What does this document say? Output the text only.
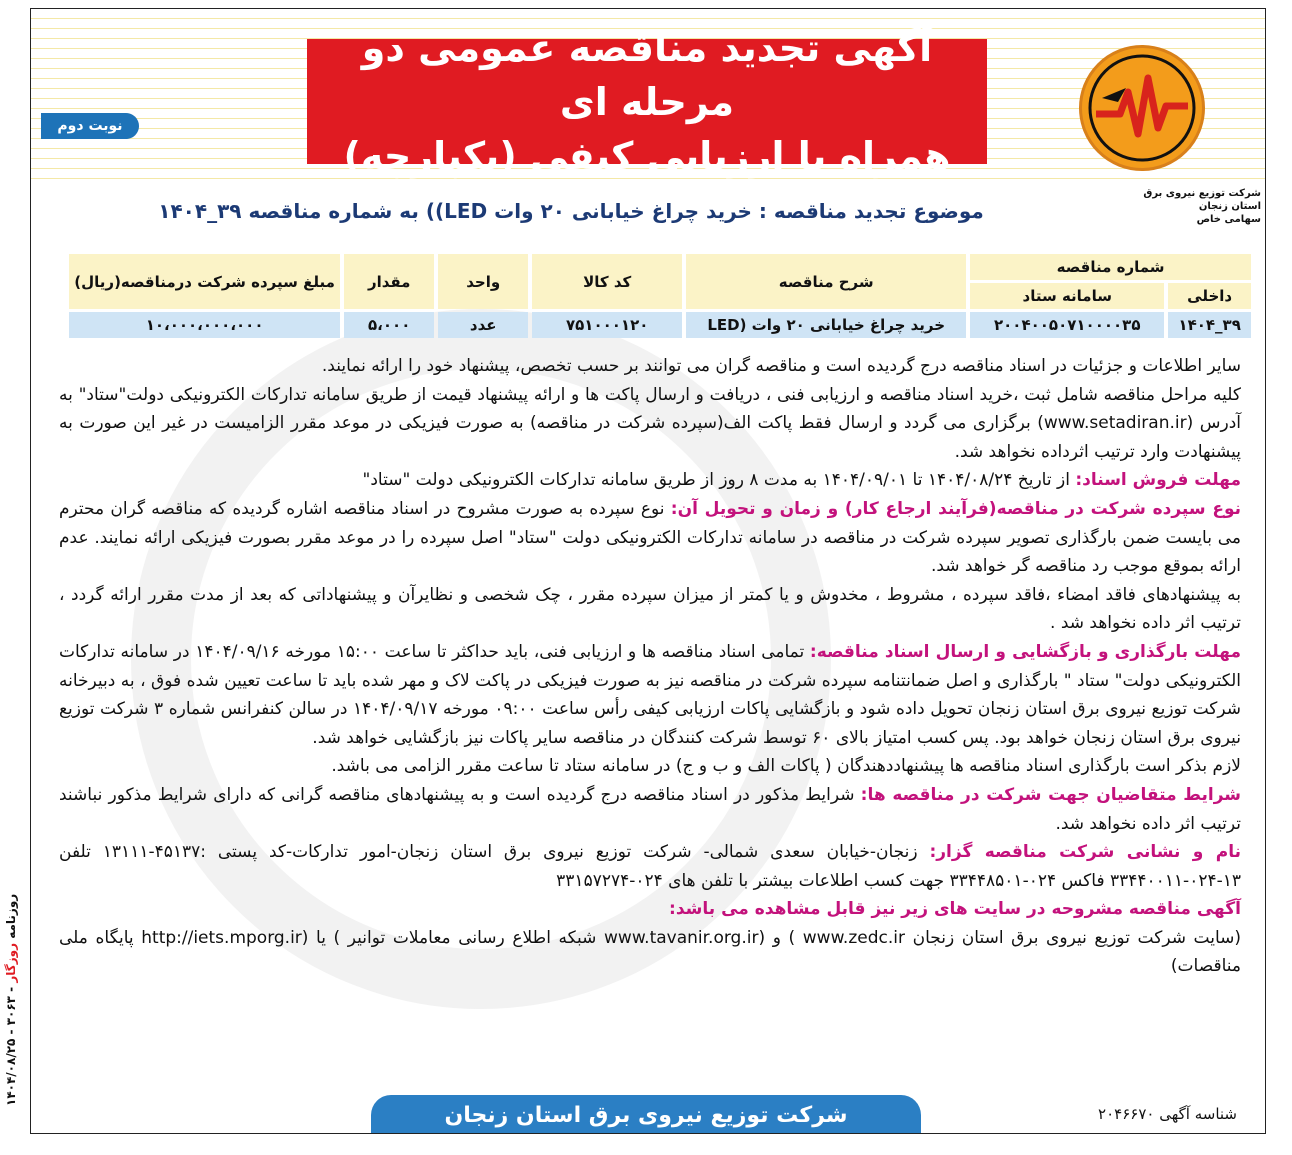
آگهی تجدید مناقصه عمومی دو مرحله ای
همراه با ارزیابی کیفی (یکپارچه)
نوبت دوم
شرکت توزیع نیروی برق استان زنجان
سهامی خاص
موضوع تجدید مناقصه : خرید چراغ خیابانی ۲۰ وات LED)) به شماره مناقصه ۳۹_۱۴۰۴
شماره مناقصه		شرح مناقصه	کد کالا	واحد	مقدار	مبلغ سپرده شرکت درمناقصه(ریال)
داخلی	سامانه ستاد					
۳۹_۱۴۰۴	۲۰۰۴۰۰۵۰۷۱۰۰۰۰۳۵	خرید چراغ خیابانی ۲۰ وات (LED	۷۵۱۰۰۰۱۲۰	عدد	۵،۰۰۰	۱۰،۰۰۰،۰۰۰،۰۰۰

سایر اطلاعات و جزئیات در اسناد مناقصه درج گردیده است و مناقصه گران می توانند بر حسب تخصص، پیشنهاد خود را ارائه نمایند.

کلیه مراحل مناقصه شامل ثبت ،خرید اسناد مناقصه و ارزیابی فنی ، دریافت و ارسال پاکت ها و ارائه پیشنهاد قیمت از طریق سامانه تدارکات الکترونیکی دولت"ستاد" به آدرس (www.setadiran.ir) برگزاری می گردد و ارسال فقط پاکت الف(سپرده شرکت در مناقصه) به صورت فیزیکی در موعد مقرر الزامیست در غیر این صورت به پیشنهادت وارد ترتیب اثرداده نخواهد شد.

مهلت فروش اسناد: از تاریخ ۱۴۰۴/۰۸/۲۴ تا ۱۴۰۴/۰۹/۰۱ به مدت ۸ روز از طریق سامانه تدارکات الکترونیکی دولت "ستاد"

نوع سپرده شرکت در مناقصه(فرآیند ارجاع کار) و زمان و تحویل آن: نوع سپرده به صورت مشروح در اسناد مناقصه اشاره گردیده که مناقصه گران محترم می بایست ضمن بارگذاری تصویر سپرده شرکت در مناقصه در سامانه تدارکات الکترونیکی دولت "ستاد" اصل سپرده را در موعد مقرر بصورت فیزیکی ارائه نمایند. عدم ارائه بموقع موجب رد مناقصه گر خواهد شد.

به پیشنهادهای فاقد امضاء ،فاقد سپرده ، مشروط ، مخدوش و یا کمتر از میزان سپرده مقرر ، چک شخصی و نظایرآن و پیشنهاداتی که بعد از مدت مقرر ارائه گردد ، ترتیب اثر داده نخواهد شد .

مهلت بارگذاری و بازگشایی و ارسال اسناد مناقصه: تمامی اسناد مناقصه ها و ارزیابی فنی، باید حداکثر تا ساعت ۱۵:۰۰ مورخه ۱۴۰۴/۰۹/۱۶ در سامانه تدارکات الکترونیکی دولت" ستاد " بارگذاری و اصل ضمانتنامه سپرده شرکت در مناقصه نیز به صورت فیزیکی در پاکت لاک و مهر شده باید تا ساعت تعیین شده فوق ، به دبیرخانه شرکت توزیع نیروی برق استان زنجان تحویل داده شود و بازگشایی پاکات ارزیابی کیفی رأس ساعت ۰۹:۰۰ مورخه ۱۴۰۴/۰۹/۱۷ در سالن کنفرانس شماره ۳ شرکت توزیع نیروی برق استان زنجان خواهد بود. پس کسب امتیاز بالای ۶۰ توسط شرکت کنندگان در مناقصه سایر پاکات نیز بازگشایی خواهد شد.

لازم بذکر است بارگذاری اسناد مناقصه ها پیشنهاددهندگان ( پاکات الف و ب و ج) در سامانه ستاد تا ساعت مقرر الزامی می باشد.

شرایط متقاضیان جهت شرکت در مناقصه ها: شرایط مذکور در اسناد مناقصه درج گردیده است و به پیشنهادهای مناقصه گرانی که دارای شرایط مذکور نباشند ترتیب اثر داده نخواهد شد.

نام و نشانی شرکت مناقصه گزار: زنجان-خیابان سعدی شمالی- شرکت توزیع نیروی برق استان زنجان-امور تدارکات-کد پستی :۴۵۱۳۷-۱۳۱۱۱ تلفن ۱۳-۰۲۴-۳۳۴۴۰۰۱۱ فاکس ۰۲۴-۳۳۴۴۸۵۰۱ جهت کسب اطلاعات بیشتر با تلفن های ۰۲۴-۳۳۱۵۷۲۷۴

آگهی مناقصه مشروحه در سایت های زیر نیز قابل مشاهده می باشد:

(سایت شرکت توزیع نیروی برق استان زنجان www.zedc.ir ) و (www.tavanir.org.ir شبکه اطلاع رسانی معاملات توانیر ) یا (http://iets.mporg.ir پایگاه ملی مناقصات)

شناسه آگهی ۲۰۴۶۶۷۰
شرکت توزیع نیروی برق استان زنجان
روزنامه روزگار - ۳۰۶۳ - ۱۴۰۴/۰۸/۲۵
